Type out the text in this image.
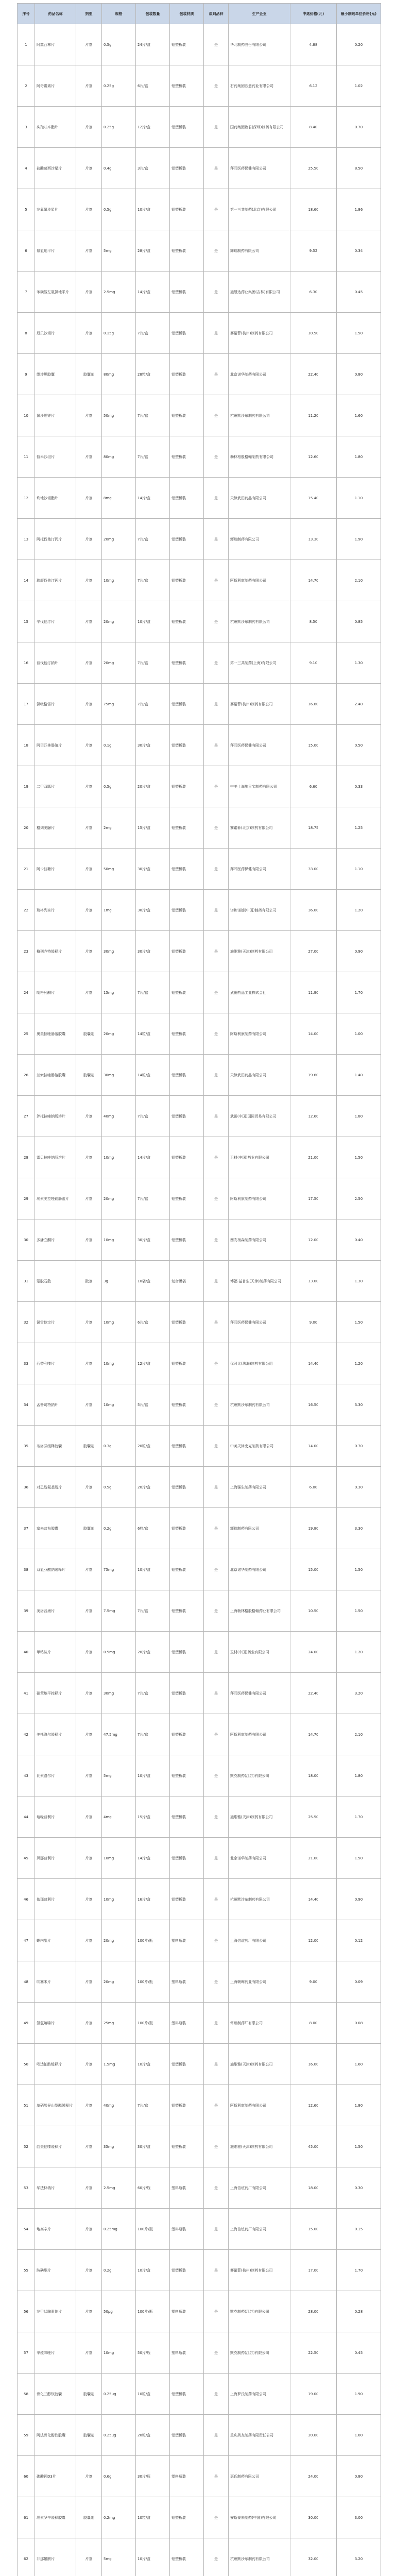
序号	药品名称	剂型	规格	包装数量	包装材质	谈判品种	生产企业	中选价格(元)	最小制剂单位价格(元)
1	阿莫西林片	片剂	0.5g	24片/盒	铝塑板装	是	华北制药股份有限公司	4.88	0.20
2	阿奇霉素片	片剂	0.25g	6片/盒	铝塑板装	是	石药集团欧意药业有限公司	6.12	1.02
3	头孢呋辛酯片	片剂	0.25g	12片/盒	铝塑板装	是	国药集团致君(深圳)制药有限公司	8.40	0.70
4	盐酸莫西沙星片	片剂	0.4g	3片/盒	铝塑板装	是	拜耳医药保健有限公司	25.50	8.50
5	左氧氟沙星片	片剂	0.5g	10片/盒	铝塑板装	是	第一三共制药(北京)有限公司	18.60	1.86
6	氨氯地平片	片剂	5mg	28片/盒	铝塑板装	是	辉瑞制药有限公司	9.52	0.34
7	苯磺酸左氨氯地平片	片剂	2.5mg	14片/盒	铝塑板装	是	施慧达药业集团(吉林)有限公司	6.30	0.45
8	厄贝沙坦片	片剂	0.15g	7片/盒	铝塑板装	是	赛诺菲(杭州)制药有限公司	10.50	1.50
9	缬沙坦胶囊	胶囊剂	80mg	28粒/盒	铝塑板装	是	北京诺华制药有限公司	22.40	0.80
10	氯沙坦钾片	片剂	50mg	7片/盒	铝塑板装	是	杭州默沙东制药有限公司	11.20	1.60
11	替米沙坦片	片剂	80mg	7片/盒	铝塑板装	是	勃林格殷格翰制药有限公司	12.60	1.80
12	坎地沙坦酯片	片剂	8mg	14片/盒	铝塑板装	是	天津武田药品有限公司	15.40	1.10
13	阿托伐他汀钙片	片剂	20mg	7片/盒	铝塑板装	是	辉瑞制药有限公司	13.30	1.90
14	瑞舒伐他汀钙片	片剂	10mg	7片/盒	铝塑板装	是	阿斯利康制药有限公司	14.70	2.10
15	辛伐他汀片	片剂	20mg	10片/盒	铝塑板装	是	杭州默沙东制药有限公司	8.50	0.85
16	普伐他汀钠片	片剂	20mg	7片/盒	铝塑板装	是	第一三共制药(上海)有限公司	9.10	1.30
17	氯吡格雷片	片剂	75mg	7片/盒	铝塑板装	是	赛诺菲(杭州)制药有限公司	16.80	2.40
18	阿司匹林肠溶片	片剂	0.1g	30片/盒	铝塑板装	是	拜耳医药保健有限公司	15.00	0.50
19	二甲双胍片	片剂	0.5g	20片/盒	铝塑板装	是	中美上海施贵宝制药有限公司	6.60	0.33
20	格列美脲片	片剂	2mg	15片/盒	铝塑板装	是	赛诺菲(北京)制药有限公司	18.75	1.25
21	阿卡波糖片	片剂	50mg	30片/盒	铝塑板装	是	拜耳医药保健有限公司	33.00	1.10
22	瑞格列奈片	片剂	1mg	30片/盒	铝塑板装	是	诺和诺德(中国)制药有限公司	36.00	1.20
23	格列齐特缓释片	片剂	30mg	30片/盒	铝塑板装	是	施维雅(天津)制药有限公司	27.00	0.90
24	吡格列酮片	片剂	15mg	7片/盒	铝塑板装	是	武田药品工业株式会社	11.90	1.70
25	奥美拉唑肠溶胶囊	胶囊剂	20mg	14粒/盒	铝塑板装	是	阿斯利康制药有限公司	14.00	1.00
26	兰索拉唑肠溶胶囊	胶囊剂	30mg	14粒/盒	铝塑板装	是	天津武田药品有限公司	19.60	1.40
27	泮托拉唑钠肠溶片	片剂	40mg	7片/盒	铝塑板装	是	武田(中国)国际贸易有限公司	12.60	1.80
28	雷贝拉唑钠肠溶片	片剂	10mg	14片/盒	铝塑板装	是	卫材(中国)药业有限公司	21.00	1.50
29	埃索美拉唑镁肠溶片	片剂	20mg	7片/盒	铝塑板装	是	阿斯利康制药有限公司	17.50	2.50
30	多潘立酮片	片剂	10mg	30片/盒	铝塑板装	是	西安杨森制药有限公司	12.00	0.40
31	蒙脱石散	散剂	3g	10袋/盒	复合膜袋	是	博福-益普生(天津)制药有限公司	13.00	1.30
32	氯雷他定片	片剂	10mg	6片/盒	铝塑板装	是	拜耳医药保健有限公司	9.00	1.50
33	西替利嗪片	片剂	10mg	12片/盒	铝塑板装	是	优时比(珠海)制药有限公司	14.40	1.20
34	孟鲁司特钠片	片剂	10mg	5片/盒	铝塑板装	是	杭州默沙东制药有限公司	16.50	3.30
35	布洛芬缓释胶囊	胶囊剂	0.3g	20粒/盒	铝塑板装	是	中美天津史克制药有限公司	14.00	0.70
36	对乙酰氨基酚片	片剂	0.5g	20片/盒	铝塑板装	是	上海强生制药有限公司	6.00	0.30
37	塞来昔布胶囊	胶囊剂	0.2g	6粒/盒	铝塑板装	是	辉瑞制药有限公司	19.80	3.30
38	双氯芬酸钠缓释片	片剂	75mg	10片/盒	铝塑板装	是	北京诺华制药有限公司	15.00	1.50
39	美洛昔康片	片剂	7.5mg	7片/盒	铝塑板装	是	上海勃林格殷格翰药业有限公司	10.50	1.50
40	甲钴胺片	片剂	0.5mg	20片/盒	铝塑板装	是	卫材(中国)药业有限公司	24.00	1.20
41	硝苯地平控释片	片剂	30mg	7片/盒	铝塑板装	是	拜耳医药保健有限公司	22.40	3.20
42	美托洛尔缓释片	片剂	47.5mg	7片/盒	铝塑板装	是	阿斯利康制药有限公司	14.70	2.10
43	比索洛尔片	片剂	5mg	10片/盒	铝塑板装	是	默克制药(江苏)有限公司	18.00	1.80
44	培哚普利片	片剂	4mg	15片/盒	铝塑板装	是	施维雅(天津)制药有限公司	25.50	1.70
45	贝那普利片	片剂	10mg	14片/盒	铝塑板装	是	北京诺华制药有限公司	21.00	1.50
46	依那普利片	片剂	10mg	16片/盒	铝塑板装	是	杭州默沙东制药有限公司	14.40	0.90
47	螺内酯片	片剂	20mg	100片/瓶	塑料瓶装	是	上海信谊药厂有限公司	12.00	0.12
48	呋塞米片	片剂	20mg	100片/瓶	塑料瓶装	是	上海朝晖药业有限公司	9.00	0.09
49	氢氯噻嗪片	片剂	25mg	100片/瓶	塑料瓶装	是	常州制药厂有限公司	8.00	0.08
50	吲达帕胺缓释片	片剂	1.5mg	10片/盒	铝塑板装	是	施维雅(天津)制药有限公司	16.00	1.60
51	单硝酸异山梨酯缓释片	片剂	40mg	7片/盒	铝塑板装	是	阿斯利康制药有限公司	12.60	1.80
52	曲美他嗪缓释片	片剂	35mg	30片/盒	铝塑板装	是	施维雅(天津)制药有限公司	45.00	1.50
53	华法林钠片	片剂	2.5mg	60片/瓶	塑料瓶装	是	上海信谊药厂有限公司	18.00	0.30
54	地高辛片	片剂	0.25mg	100片/瓶	塑料瓶装	是	上海信谊药厂有限公司	15.00	0.15
55	胺碘酮片	片剂	0.2g	10片/盒	铝塑板装	是	赛诺菲(杭州)制药有限公司	17.00	1.70
56	左甲状腺素钠片	片剂	50μg	100片/瓶	塑料瓶装	是	默克制药(江苏)有限公司	28.00	0.28
57	甲巯咪唑片	片剂	10mg	50片/瓶	塑料瓶装	是	默克制药(江苏)有限公司	22.50	0.45
58	骨化三醇软胶囊	胶囊剂	0.25μg	10粒/盒	铝塑板装	是	上海罗氏制药有限公司	19.00	1.90
59	阿法骨化醇软胶囊	胶囊剂	0.25μg	20粒/盒	铝塑板装	是	重庆药友制药有限责任公司	20.00	1.00
60	碳酸钙D3片	片剂	0.6g	30片/瓶	塑料瓶装	是	惠氏制药有限公司	24.00	0.80
61	坦索罗辛缓释胶囊	胶囊剂	0.2mg	10粒/盒	铝塑板装	是	安斯泰来制药(中国)有限公司	30.00	3.00
62	非那雄胺片	片剂	5mg	10片/盒	铝塑板装	是	杭州默沙东制药有限公司	32.00	3.20
